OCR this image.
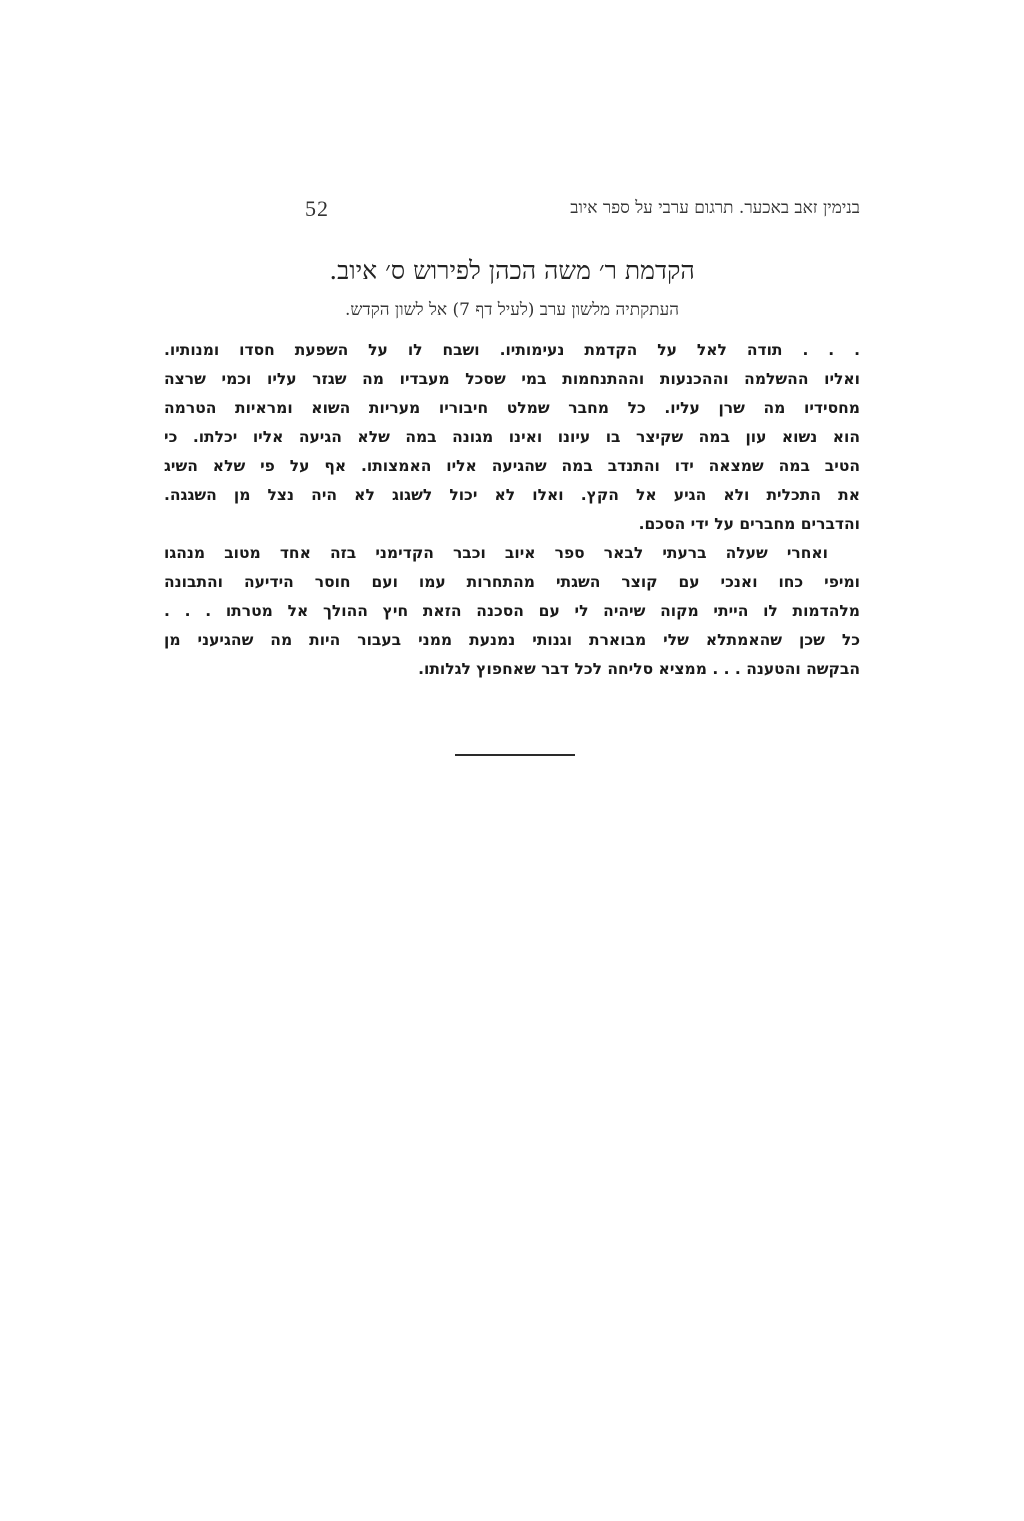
52	בנימין זאב באכער. תרגום ערבי על ספר איוב
הקדמת ר׳ משה הכהן לפירוש ס׳ איוב.
העתקתיה מלשון ערב (לעיל דף 7) אל לשון הקדש.
. . . תודה לאל על הקדמת נעימותיו. ושבח לו על השפעת חסדו ומנותיו.
ואליו ההשלמה וההכנעות וההתנחמות במי שסכל מעבדיו מה שגזר עליו וכמי שרצה
מחסידיו מה שרן עליו. כל מחבר שמלט חיבוריו מעריות השוא ומראיות הטרמה
הוא נשוא עון במה שקיצר בו עיונו ואינו מגונה במה שלא הגיעה אליו יכלתו. כי
הטיב במה שמצאה ידו והתנדב במה שהגיעה אליו האמצותו. אף על פי שלא השיג
את התכלית ולא הגיע אל הקץ. ואלו לא יכול לשגוג לא היה נצל מן השגגה.
והדברים מחברים על ידי הסכם.
ואחרי שעלה ברעתי לבאר ספר איוב וכבר הקדימני בזה אחד מטוב מנהגו
ומיפי כחו ואנכי עם קוצר השגתי מהתחרות עמו ועם חוסר הידיעה והתבונה
מלהדמות לו הייתי מקוה שיהיה לי עם הסכנה הזאת חיץ ההולך אל מטרתו . . .
כל שכן שהאמתלא שלי מבוארת וגנותי נמנעת ממני בעבור היות מה שהגיעני מן
הבקשה והטענה . . . ממציא סליחה לכל דבר שאחפוץ לגלותו.
